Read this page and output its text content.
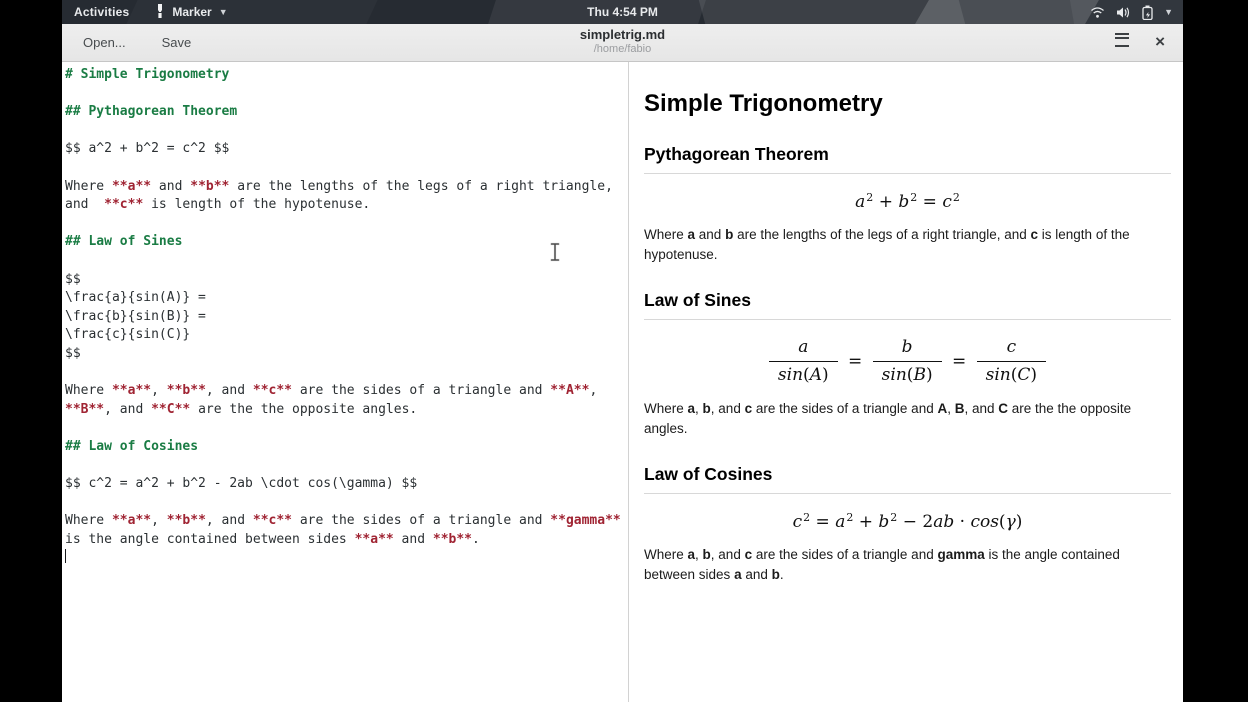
Activities	Marker ▼	Thu 4:54 PM	▼
Open...	Save
simpletrig.md
/home/fabio	×
# Simple Trigonometry

## Pythagorean Theorem

$$ a^2 + b^2 = c^2 $$

Where **a** and **b** are the lengths of the legs of a right triangle,
and  **c** is length of the hypotenuse.

## Law of Sines

$$
\frac{a}{sin(A)} =
\frac{b}{sin(B)} =
\frac{c}{sin(C)}
$$

Where **a**, **b**, and **c** are the sides of a triangle and **A**,
**B**, and **C** are the the opposite angles.

## Law of Cosines

$$ c^2 = a^2 + b^2 - 2ab \cdot cos(\gamma) $$

Where **a**, **b**, and **c** are the sides of a triangle and **gamma**
is the angle contained between sides **a** and **b**.

Simple Trigonometry
Pythagorean Theorem
$a^2 + b^2 = c^2$

Where a and b are the lengths of the legs of a right triangle, and c is length of the hypotenuse.

Law of Sines
$\frac{a}{\sin(A)} = \frac{b}{\sin(B)} = \frac{c}{\sin(C)}$

Where a, b, and c are the sides of a triangle and A, B, and C are the the opposite angles.

Law of Cosines
$c^2 = a^2 + b^2 - 2ab \cdot \cos(\gamma)$

Where a, b, and c are the sides of a triangle and gamma is the angle contained between sides a and b.
